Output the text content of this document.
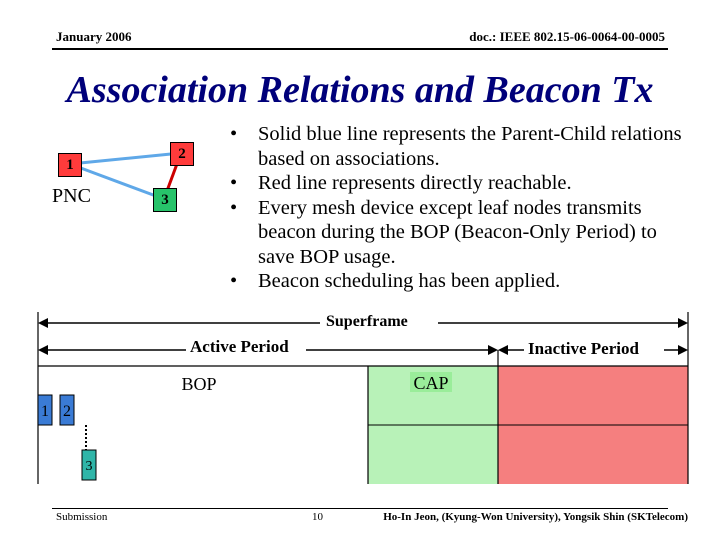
January 2006	doc.: IEEE 802.15-06-0064-00-0005
Association Relations and Beacon Tx
BOP	CAP
1 2
3
1
PNC
2
3
• Solid blue line represents the Parent-Child relations based on associations.
• Red line represents directly reachable.
• Every mesh device except leaf nodes transmits beacon during the BOP (Beacon-Only Period) to save BOP usage.
• Beacon scheduling has been applied.
Superframe
Active Period	Inactive Period
Submission	10	Ho-In Jeon, (Kyung-Won University), Yongsik Shin (SKTelecom)
